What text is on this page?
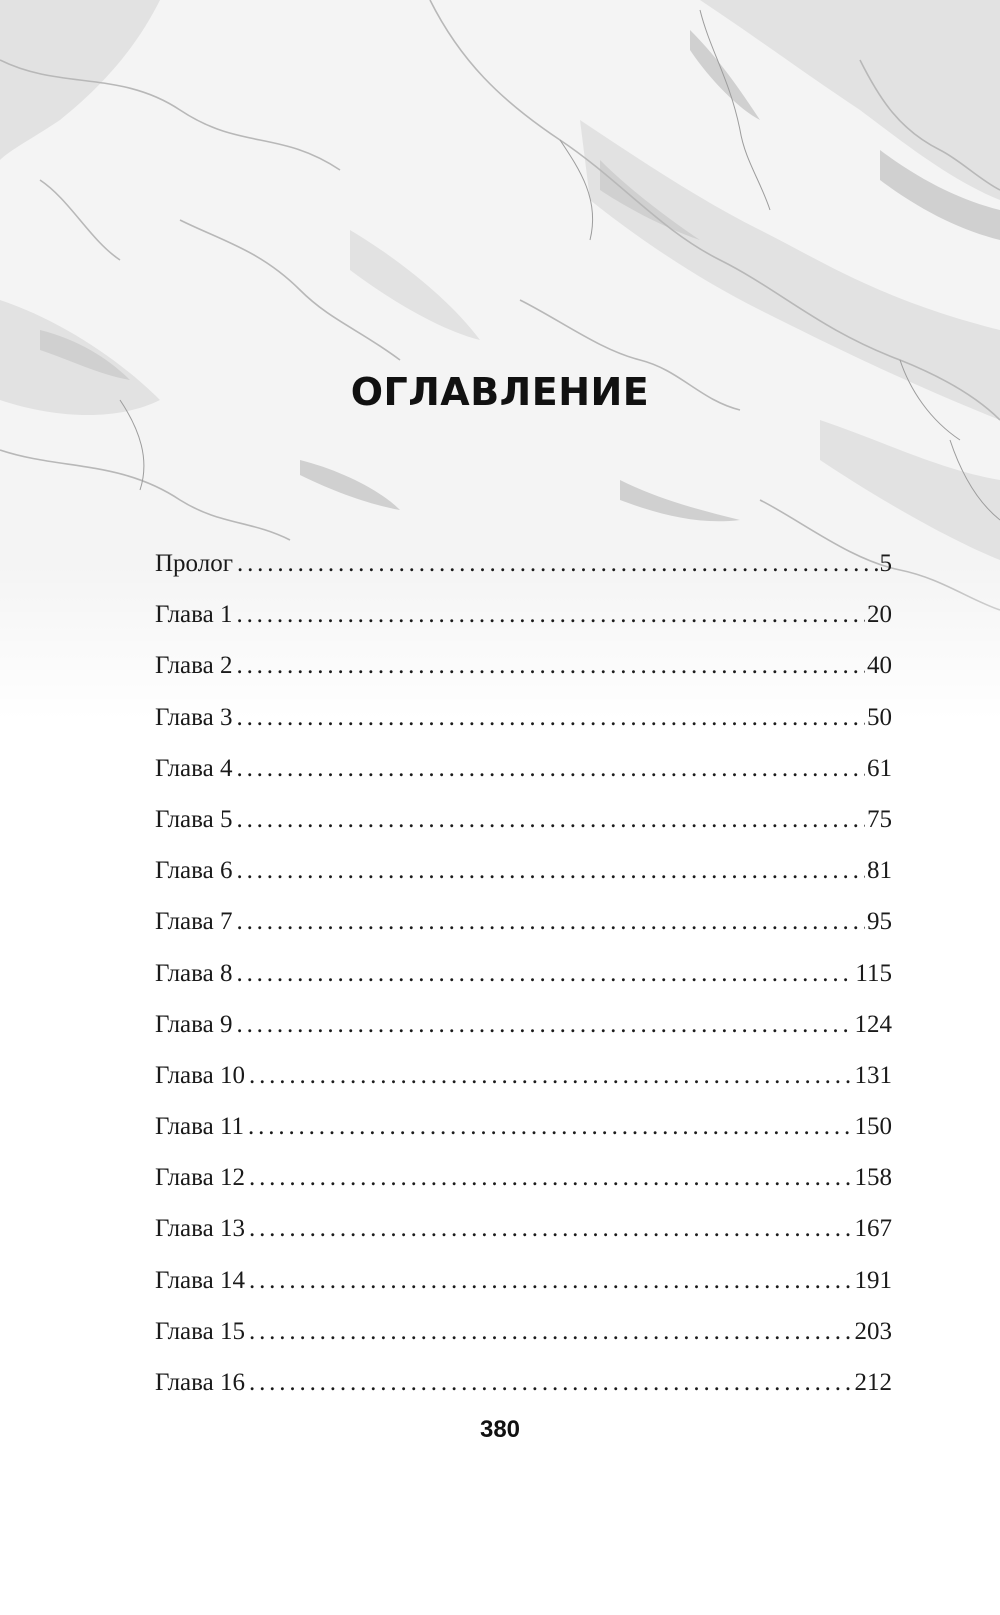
ОГЛАВЛЕНИЕ
Пролог . . .	5
Глава 1 . . .	20
Глава 2 . . .	40
Глава 3 . . .	50
Глава 4 . . .	61
Глава 5 . . .	75
Глава 6 . . .	81
Глава 7 . . .	95
Глава 8 . . .	115
Глава 9 . . .	124
Глава 10 . . .	131
Глава 11 . . .	150
Глава 12 . . .	158
Глава 13 . . .	167
Глава 14 . . .	191
Глава 15 . . .	203
Глава 16 . . .	212
380
